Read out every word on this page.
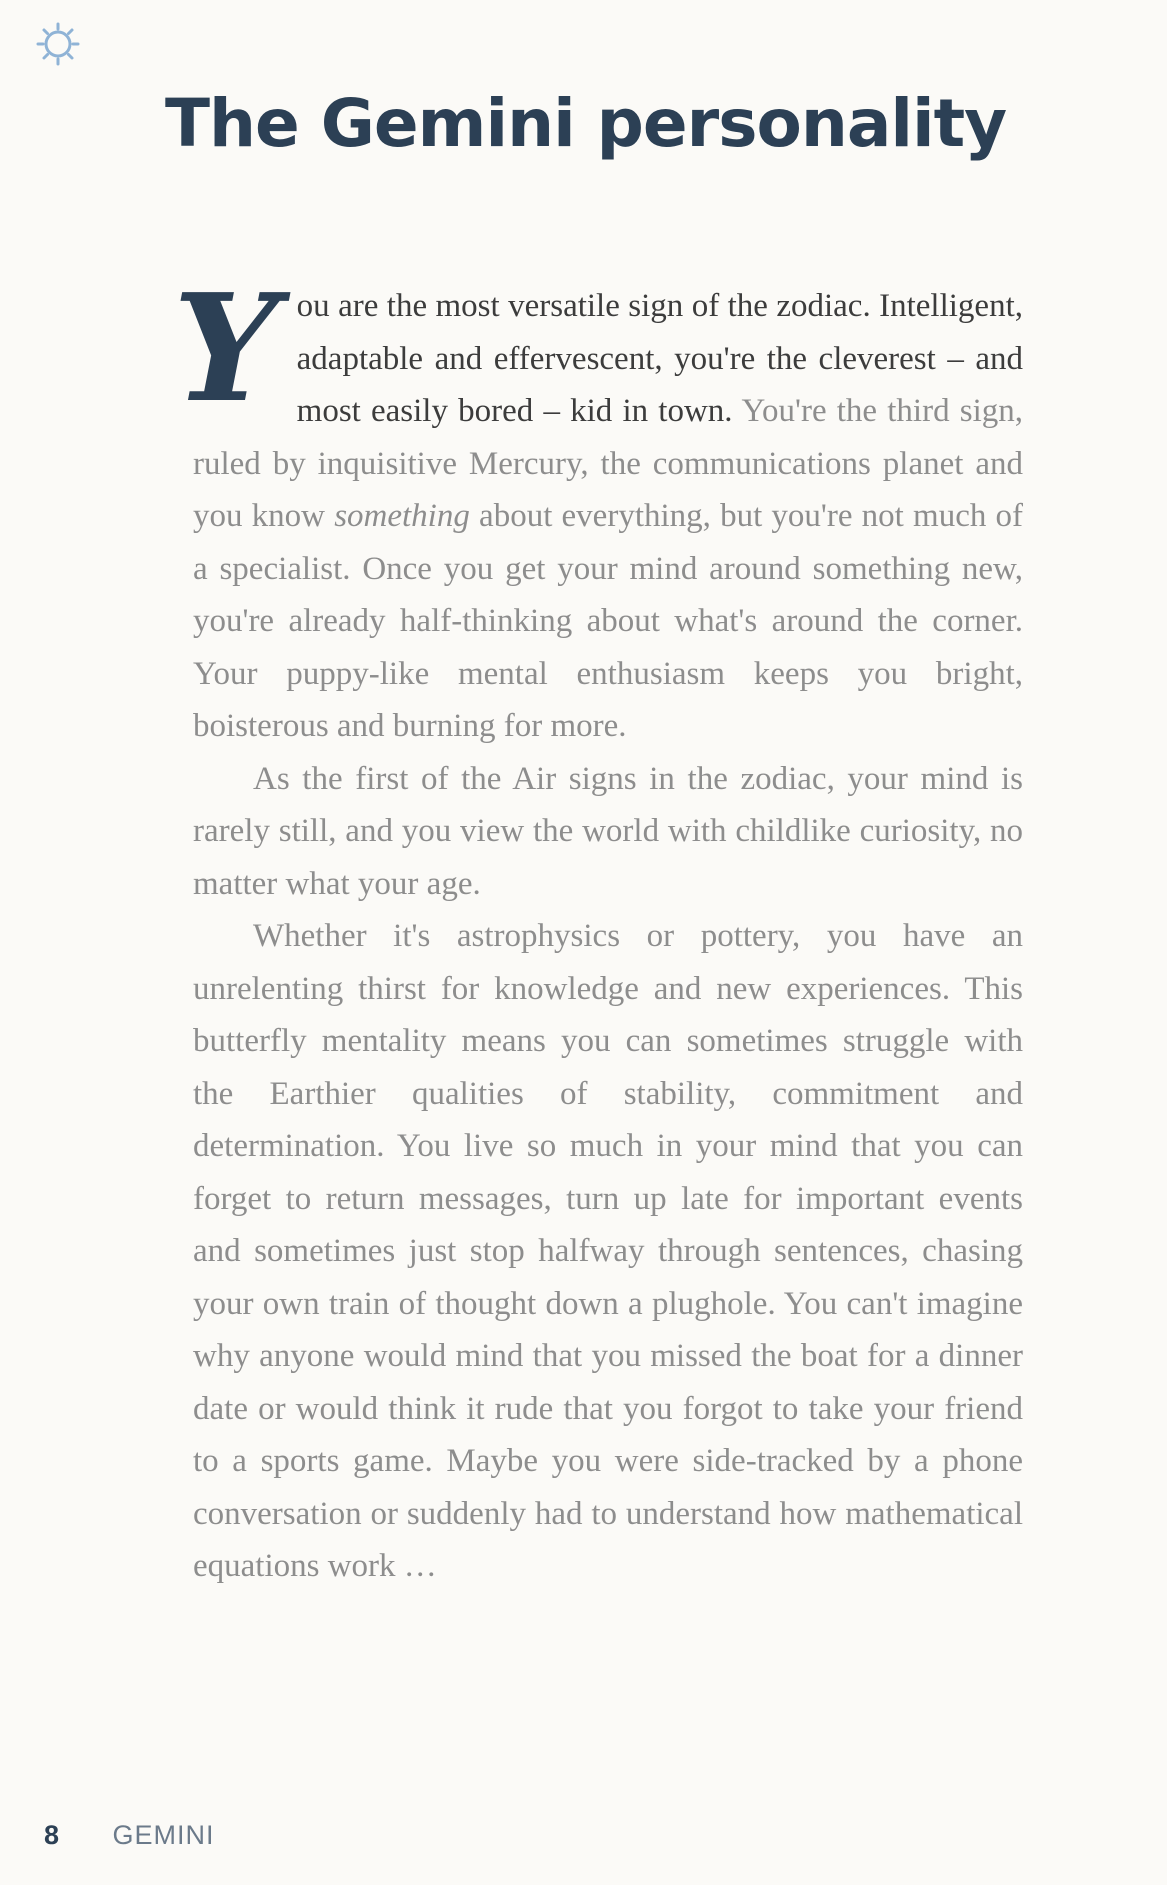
The Gemini personality

Y ou are the most versatile sign of the zodiac. Intelligent, adaptable and effervescent, you're the cleverest – and most easily bored – kid in town. You're the third sign, ruled by inquisitive Mercury, the communications planet and you know something about everything, but you're not much of a specialist. Once you get your mind around something new, you're already half-thinking about what's around the corner. Your puppy-like mental enthusiasm keeps you bright, boisterous and burning for more.

As the first of the Air signs in the zodiac, your mind is rarely still, and you view the world with childlike curiosity, no matter what your age.

Whether it's astrophysics or pottery, you have an unrelenting thirst for knowledge and new experiences. This butterfly mentality means you can sometimes struggle with the Earthier qualities of stability, commitment and determination. You live so much in your mind that you can forget to return messages, turn up late for important events and sometimes just stop halfway through sentences, chasing your own train of thought down a plughole. You can't imagine why anyone would mind that you missed the boat for a dinner date or would think it rude that you forgot to take your friend to a sports game. Maybe you were side-tracked by a phone conversation or suddenly had to understand how mathematical equations work …

8 GEMINI
